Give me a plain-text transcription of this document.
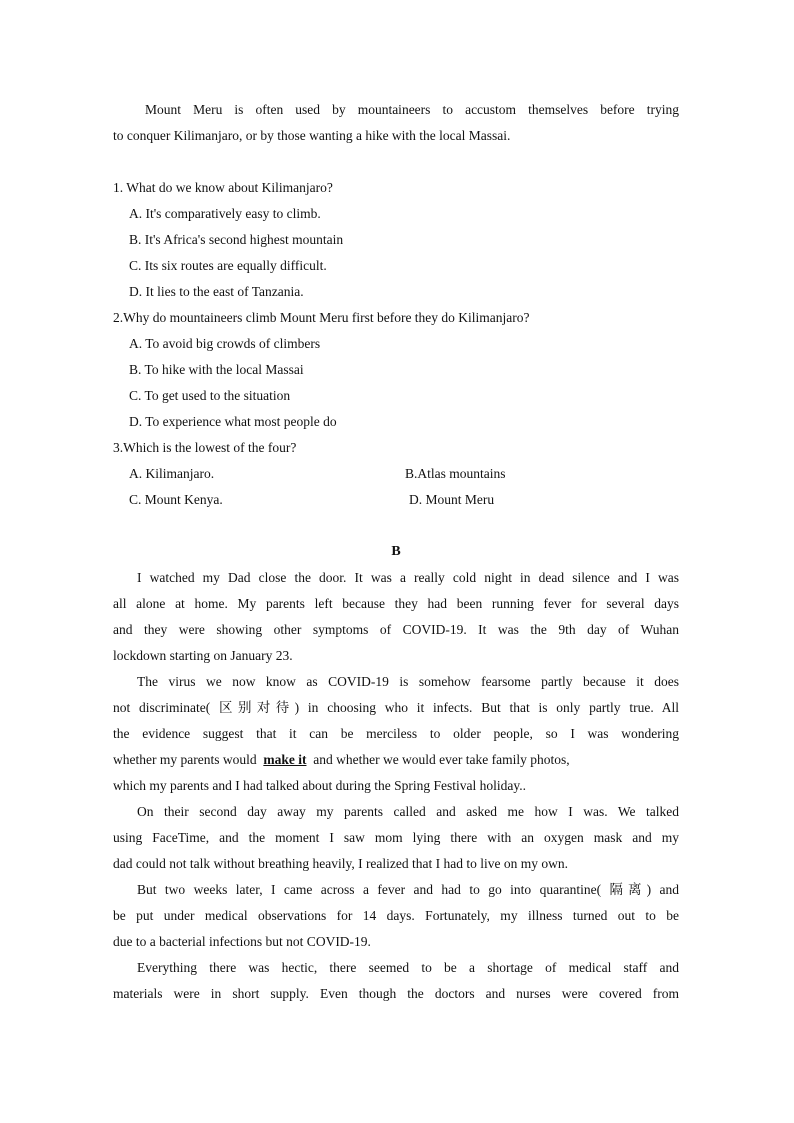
Mount Meru is often used by mountaineers to accustom themselves before trying
to conquer Kilimanjaro, or by those wanting a hike with the local Massai.
1. What do we know about Kilimanjaro?
A. It's comparatively easy to climb.
B. It's Africa's second highest mountain
C. Its six routes are equally difficult.
D. It lies to the east of Tanzania.
2.Why do mountaineers climb Mount Meru first before they do Kilimanjaro?
A. To avoid big crowds of climbers
B. To hike with the local Massai
C. To get used to the situation
D. To experience what most people do
3.Which is the lowest of the four?
A. Kilimanjaro.	B.Atlas mountains
C. Mount Kenya.	D. Mount Meru
B
I watched my Dad close the door. It was a really cold night in dead silence and I was
all alone at home. My parents left because they had been running fever for several days
and they were showing other symptoms of COVID-19. It was the 9th day of Wuhan
lockdown starting on January 23.
The virus we now know as COVID-19 is somehow fearsome partly because it does
not discriminate( 区别对待) in choosing who it infects. But that is only partly true. All
the evidence suggest that it can be merciless to older people, so I was wondering
whether my parents would make it and whether we would ever take family photos,
which my parents and I had talked about during the Spring Festival holiday..
On their second day away my parents called and asked me how I was. We talked
using FaceTime, and the moment I saw mom lying there with an oxygen mask and my
dad could not talk without breathing heavily, I realized that I had to live on my own.
But two weeks later, I came across a fever and had to go into quarantine( 隔离) and
be put under medical observations for 14 days. Fortunately, my illness turned out to be
due to a bacterial infections but not COVID-19.
Everything there was hectic, there seemed to be a shortage of medical staff and
materials were in short supply. Even though the doctors and nurses were covered from
